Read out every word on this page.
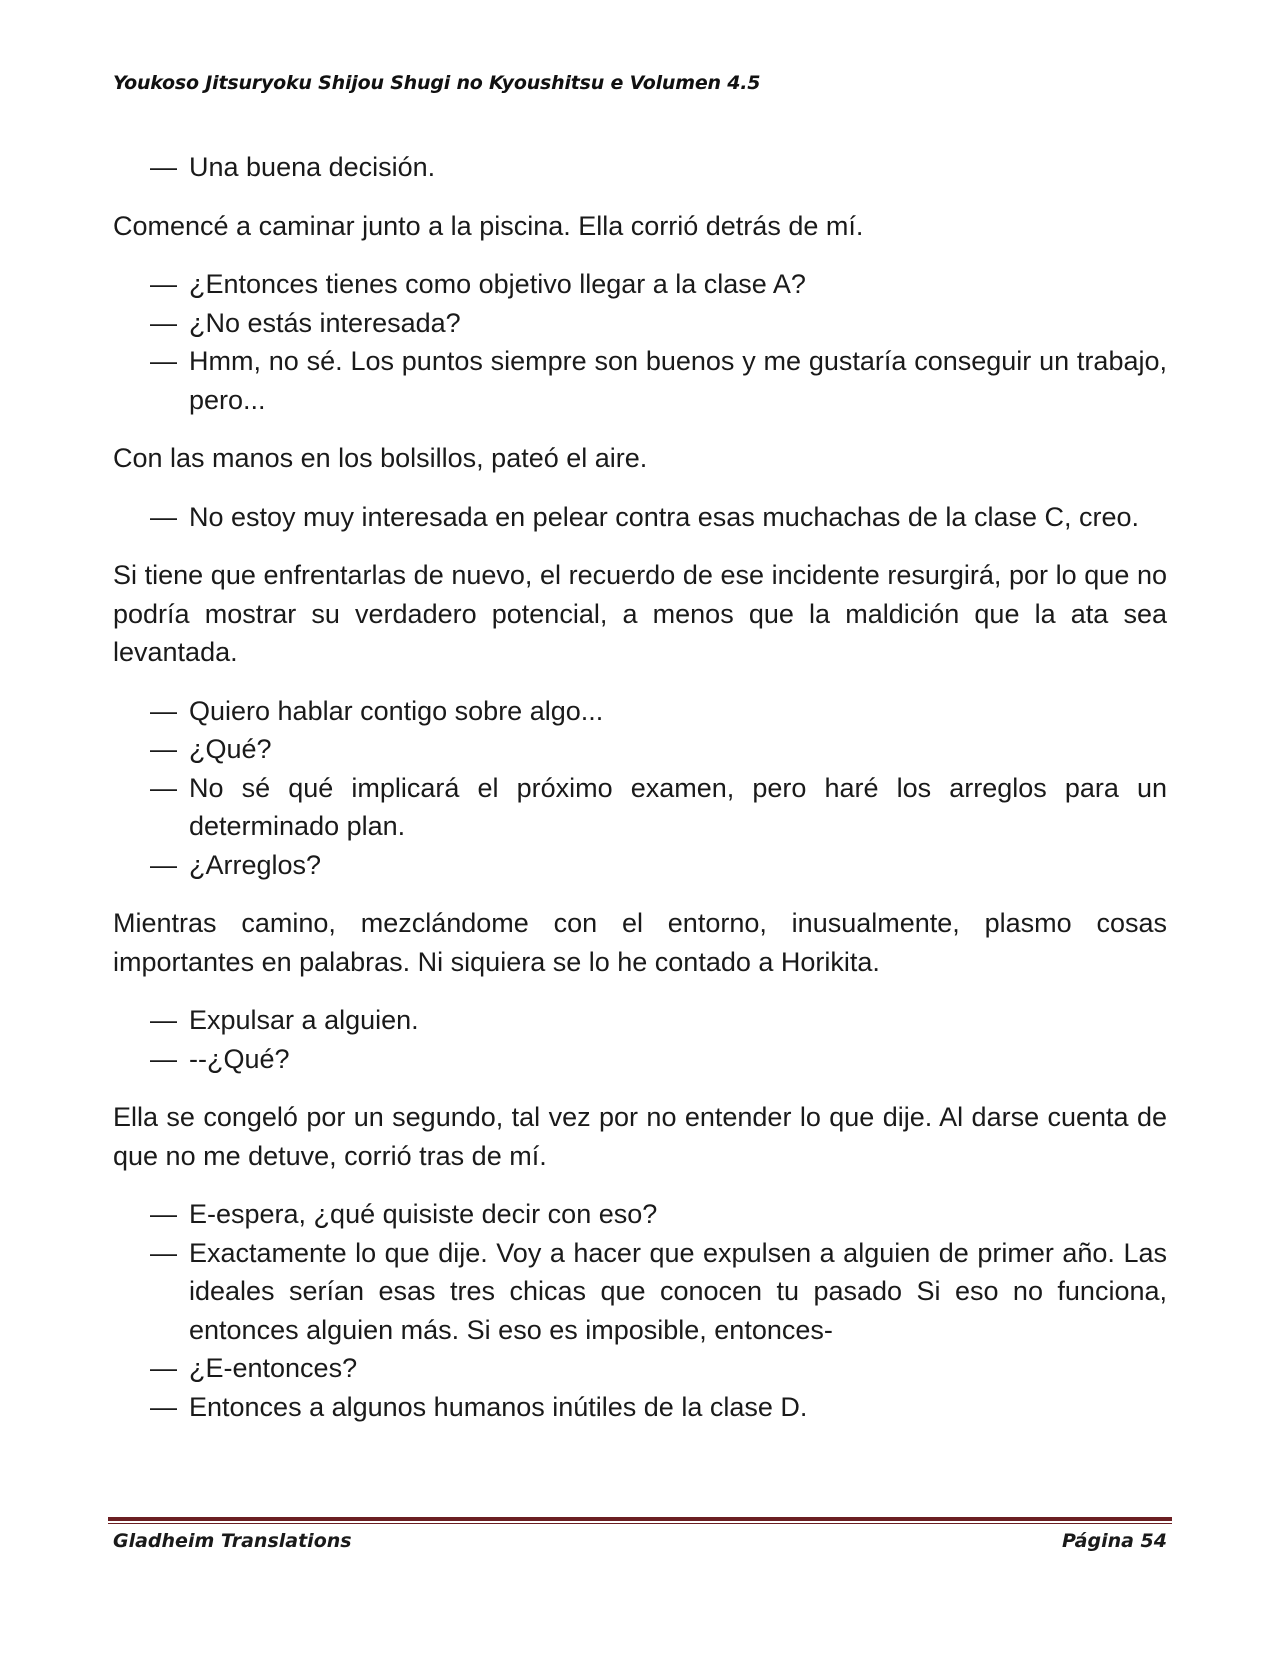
Youkoso Jitsuryoku Shijou Shugi no Kyoushitsu e Volumen 4.5
— Una buena decisión.

Comencé a caminar junto a la piscina. Ella corrió detrás de mí.

— ¿Entonces tienes como objetivo llegar a la clase A?
— ¿No estás interesada?
— Hmm, no sé. Los puntos siempre son buenos y me gustaría conseguir un trabajo, pero...

Con las manos en los bolsillos, pateó el aire.

— No estoy muy interesada en pelear contra esas muchachas de la clase C, creo.

Si tiene que enfrentarlas de nuevo, el recuerdo de ese incidente resurgirá, por lo que no podría mostrar su verdadero potencial, a menos que la maldición que la ata sea levantada.

— Quiero hablar contigo sobre algo...
— ¿Qué?
— No sé qué implicará el próximo examen, pero haré los arreglos para un determinado plan.
— ¿Arreglos?

Mientras camino, mezclándome con el entorno, inusualmente, plasmo cosas importantes en palabras. Ni siquiera se lo he contado a Horikita.

— Expulsar a alguien.
— --¿Qué?

Ella se congeló por un segundo, tal vez por no entender lo que dije. Al darse cuenta de que no me detuve, corrió tras de mí.

— E-espera, ¿qué quisiste decir con eso?
— Exactamente lo que dije. Voy a hacer que expulsen a alguien de primer año. Las ideales serían esas tres chicas que conocen tu pasado Si eso no funciona, entonces alguien más. Si eso es imposible, entonces-
— ¿E-entonces?
— Entonces a algunos humanos inútiles de la clase D.
Gladheim Translations	Página 54
